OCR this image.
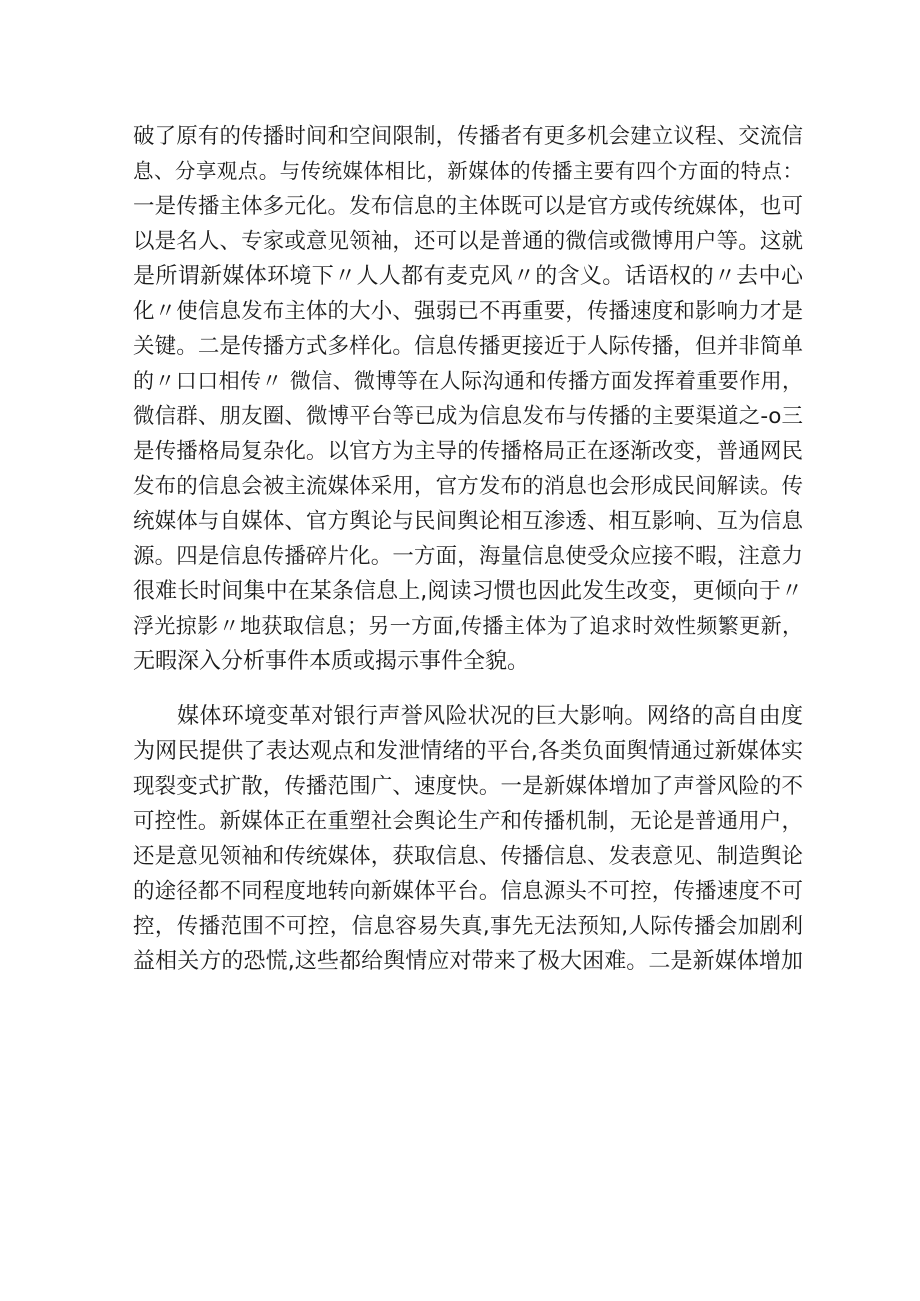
破了原有的传播时间和空间限制，传播者有更多机会建立议程、交流信
息、分享观点。与传统媒体相比，新媒体的传播主要有四个方面的特点：
一是传播主体多元化。发布信息的主体既可以是官方或传统媒体，也可
以是名人、专家或意见领袖，还可以是普通的微信或微博用户等。这就
是所谓新媒体环境下〃人人都有麦克风〃的含义。话语权的〃去中心
化〃使信息发布主体的大小、强弱已不再重要，传播速度和影响力才是
关键。二是传播方式多样化。信息传播更接近于人际传播，但并非简单
的〃口口相传〃 微信、微博等在人际沟通和传播方面发挥着重要作用，
微信群、朋友圈、微博平台等已成为信息发布与传播的主要渠道之-o三
是传播格局复杂化。以官方为主导的传播格局正在逐渐改变，普通网民
发布的信息会被主流媒体采用，官方发布的消息也会形成民间解读。传
统媒体与自媒体、官方舆论与民间舆论相互渗透、相互影响、互为信息
源。四是信息传播碎片化。一方面，海量信息使受众应接不暇，注意力
很难长时间集中在某条信息上,阅读习惯也因此发生改变，更倾向于〃
浮光掠影〃地获取信息；另一方面,传播主体为了追求时效性频繁更新，
无暇深入分析事件本质或揭示事件全貌。
媒体环境变革对银行声誉风险状况的巨大影响。网络的高自由度
为网民提供了表达观点和发泄情绪的平台,各类负面舆情通过新媒体实
现裂变式扩散，传播范围广、速度快。一是新媒体增加了声誉风险的不
可控性。新媒体正在重塑社会舆论生产和传播机制，无论是普通用户，
还是意见领袖和传统媒体，获取信息、传播信息、发表意见、制造舆论
的途径都不同程度地转向新媒体平台。信息源头不可控，传播速度不可
控，传播范围不可控，信息容易失真,事先无法预知,人际传播会加剧利
益相关方的恐慌,这些都给舆情应对带来了极大困难。二是新媒体增加
